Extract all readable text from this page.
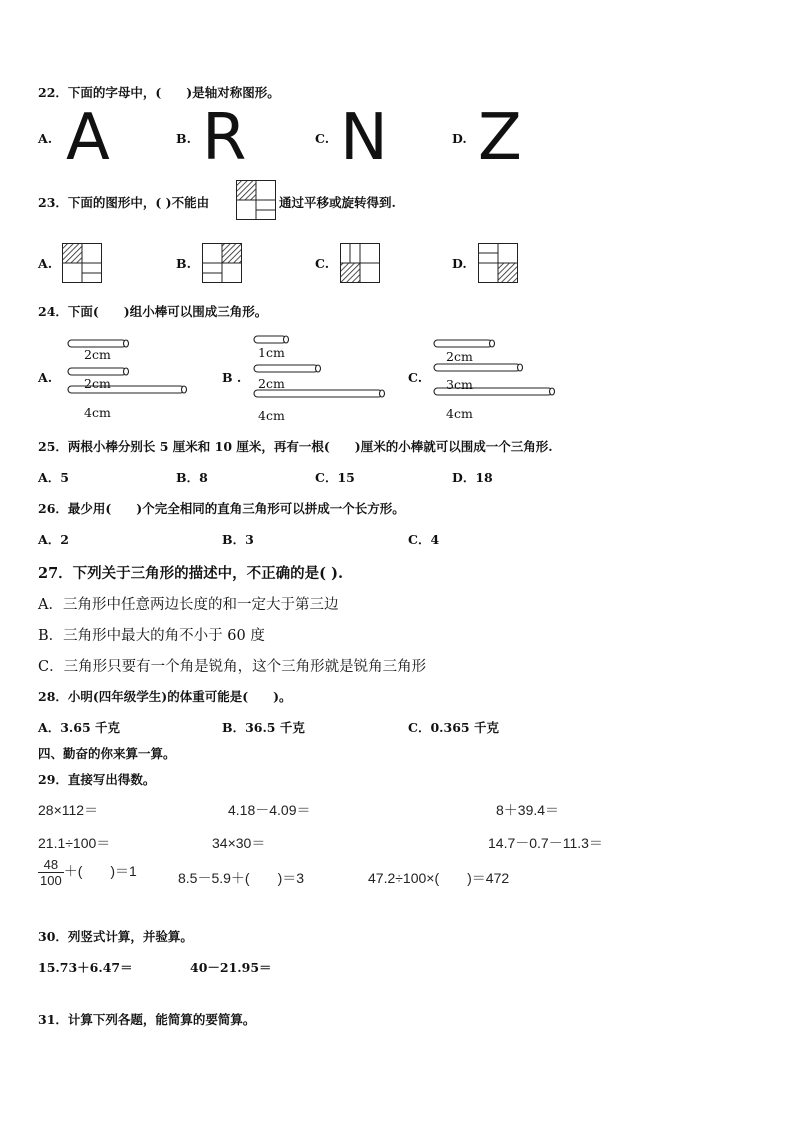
22．下面的字母中，(　　)是轴对称图形。
A. A	B. R	C. N	D. Z
23．下面的图形中，( )不能由	通过平移或旋转得到.
A.	B.	C.	D.
24．下面(　　)组小棒可以围成三角形。
A.
2cm
2cm
4cm
B .
1cm
2cm
4cm
C.
2cm
3cm
4cm
25．两根小棒分别长 5 厘米和 10 厘米，再有一根(　　)厘米的小棒就可以围成一个三角形.
A．5	B．8	C．15	D．18
26．最少用(　　)个完全相同的直角三角形可以拼成一个长方形。
A．2	B．3	C．4
27．下列关于三角形的描述中，不正确的是( ).
A．三角形中任意两边长度的和一定大于第三边
B．三角形中最大的角不小于 60 度
C．三角形只要有一个角是锐角，这个三角形就是锐角三角形
28．小明(四年级学生)的体重可能是(　　)。
A．3.65 千克	B．36.5 千克	C．0.365 千克
四、勤奋的你来算一算。
29．直接写出得数。
28×112＝	4.18－4.09＝	8＋39.4＝
21.1÷100＝	34×30＝	14.7－0.7－11.3＝
$\frac{48}{100}$ ＋(　　)＝1	8.5－5.9＋(　　)＝3	47.2÷100×(　　)＝472
30．列竖式计算，并验算。
15.73＋6.47＝	40－21.95＝
31．计算下列各题，能简算的要简算。
